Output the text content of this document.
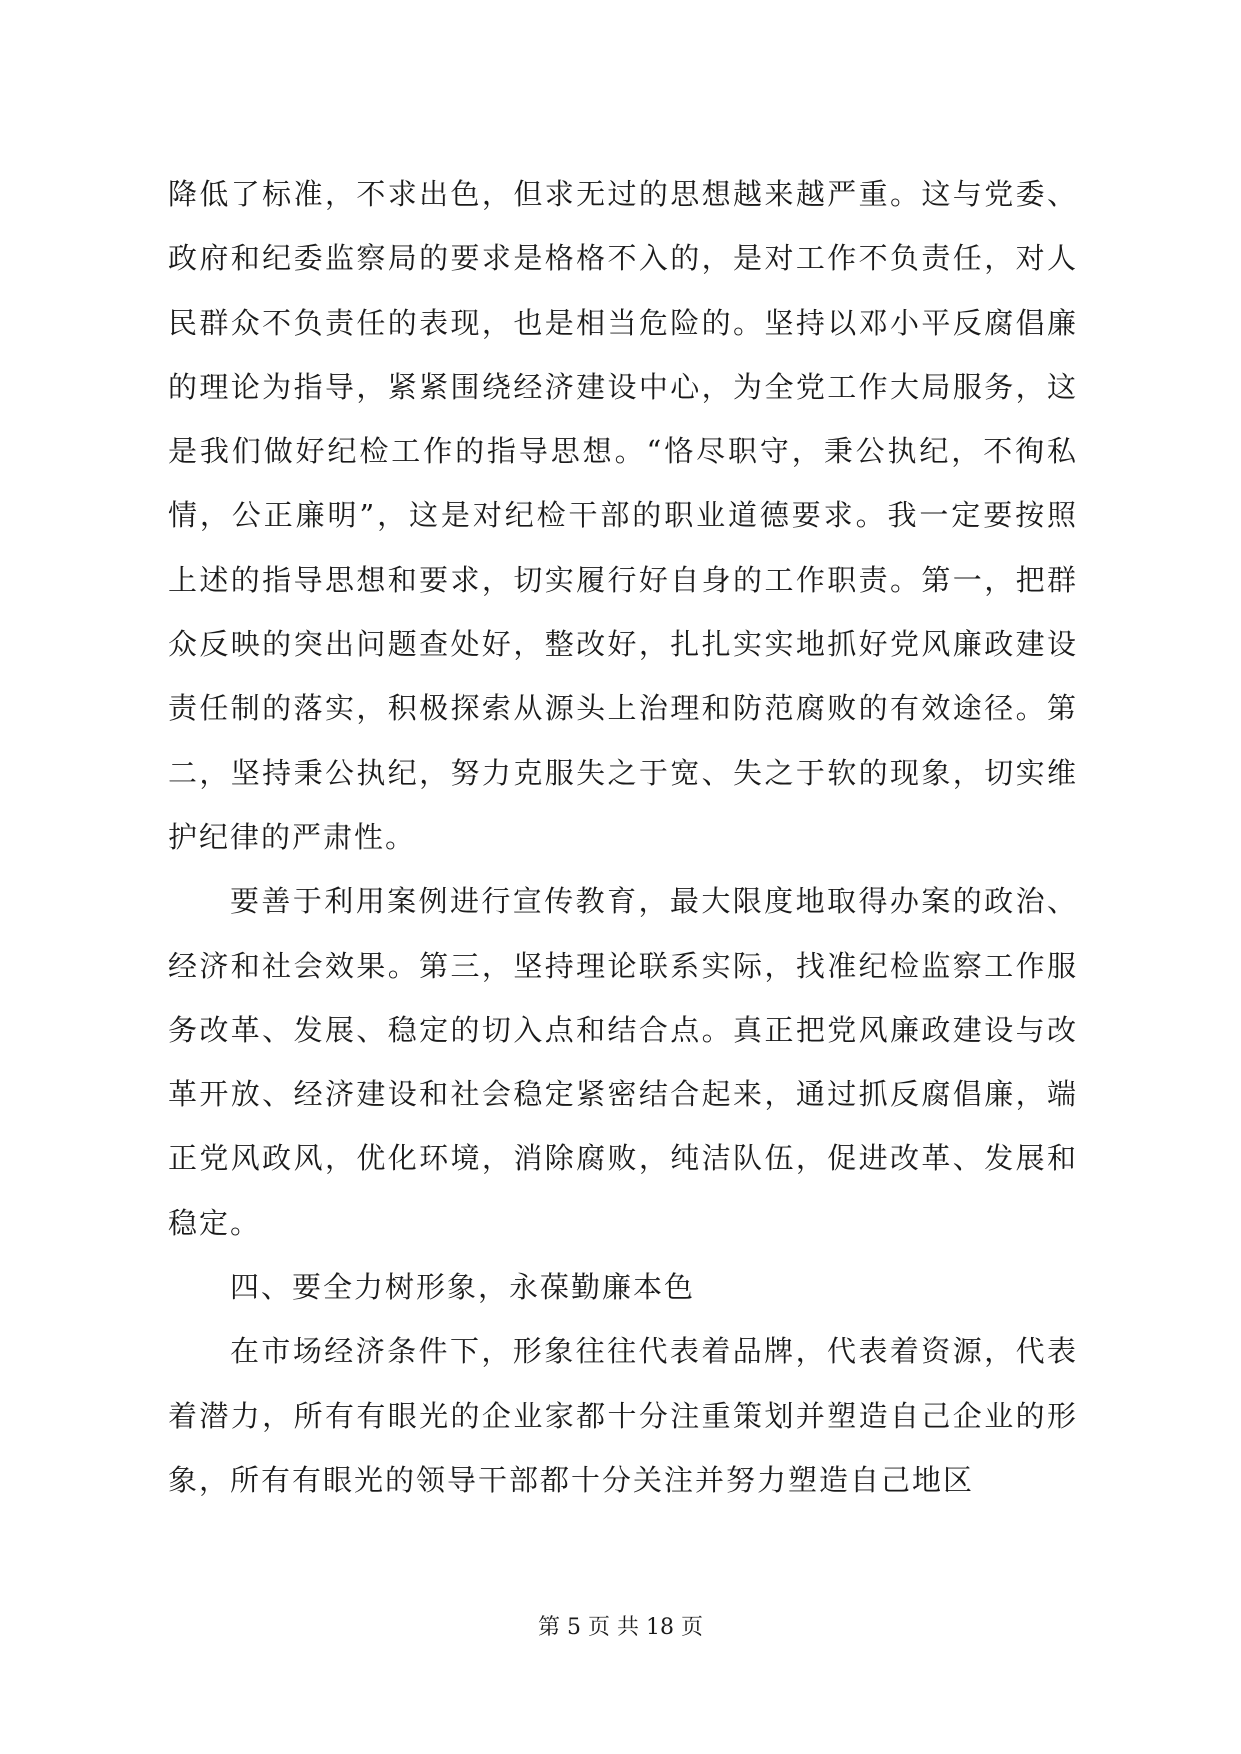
降低了标准，不求出色，但求无过的思想越来越严重。这与党委、政府和纪委监察局的要求是格格不入的，是对工作不负责任，对人民群众不负责任的表现，也是相当危险的。坚持以邓小平反腐倡廉的理论为指导，紧紧围绕经济建设中心，为全党工作大局服务，这是我们做好纪检工作的指导思想。“恪尽职守，秉公执纪，不徇私情，公正廉明”，这是对纪检干部的职业道德要求。我一定要按照上述的指导思想和要求，切实履行好自身的工作职责。第一，把群众反映的突出问题查处好，整改好，扎扎实实地抓好党风廉政建设责任制的落实，积极探索从源头上治理和防范腐败的有效途径。第二，坚持秉公执纪，努力克服失之于宽、失之于软的现象，切实维护纪律的严肃性。

要善于利用案例进行宣传教育，最大限度地取得办案的政治、经济和社会效果。第三，坚持理论联系实际，找准纪检监察工作服务改革、发展、稳定的切入点和结合点。真正把党风廉政建设与改革开放、经济建设和社会稳定紧密结合起来，通过抓反腐倡廉，端正党风政风，优化环境，消除腐败，纯洁队伍，促进改革、发展和稳定。

四、要全力树形象，永葆勤廉本色

在市场经济条件下，形象往往代表着品牌，代表着资源，代表着潜力，所有有眼光的企业家都十分注重策划并塑造自己企业的形象，所有有眼光的领导干部都十分关注并努力塑造自己地区

第 5 页 共 18 页
